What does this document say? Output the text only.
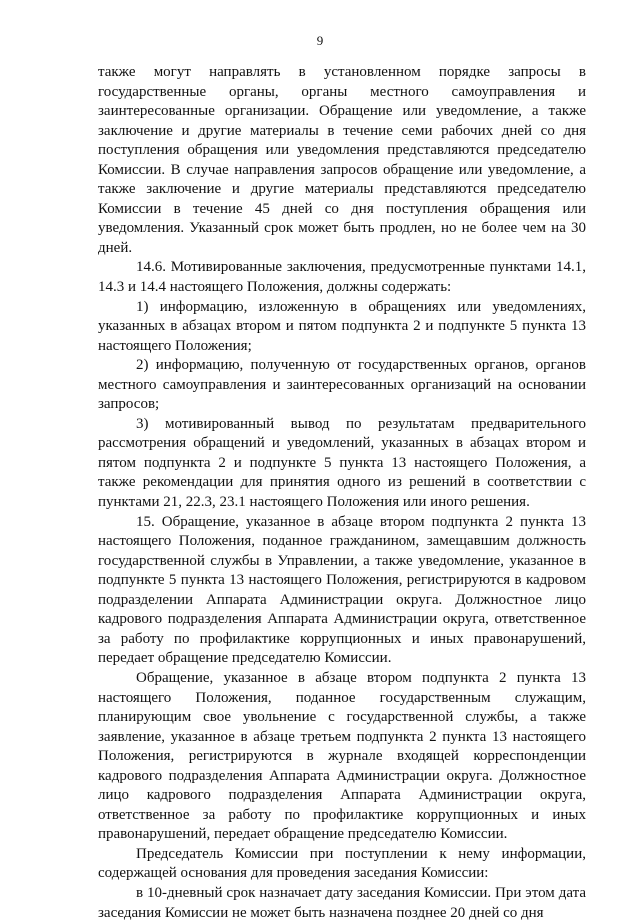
9

также могут направлять в установленном порядке запросы в государственные органы, органы местного самоуправления и заинтересованные организации. Обращение или уведомление, а также заключение и другие материалы в течение семи рабочих дней со дня поступления обращения или уведомления представляются председателю Комиссии. В случае направления запросов обращение или уведомление, а также заключение и другие материалы представляются председателю Комиссии в течение 45 дней со дня поступления обращения или уведомления. Указанный срок может быть продлен, но не более чем на 30 дней.

14.6. Мотивированные заключения, предусмотренные пунктами 14.1, 14.3 и 14.4 настоящего Положения, должны содержать:

1) информацию, изложенную в обращениях или уведомлениях, указанных в абзацах втором и пятом подпункта 2 и подпункте 5 пункта 13 настоящего Положения;

2) информацию, полученную от государственных органов, органов местного самоуправления и заинтересованных организаций на основании запросов;

3) мотивированный вывод по результатам предварительного рассмотрения обращений и уведомлений, указанных в абзацах втором и пятом подпункта 2 и подпункте 5 пункта 13 настоящего Положения, а также рекомендации для принятия одного из решений в соответствии с пунктами 21, 22.3, 23.1 настоящего Положения или иного решения.

15. Обращение, указанное в абзаце втором подпункта 2 пункта 13 настоящего Положения, поданное гражданином, замещавшим должность государственной службы в Управлении, а также уведомление, указанное в подпункте 5 пункта 13 настоящего Положения, регистрируются в кадровом подразделении Аппарата Администрации округа. Должностное лицо кадрового подразделения Аппарата Администрации округа, ответственное за работу по профилактике коррупционных и иных правонарушений, передает обращение председателю Комиссии.

Обращение, указанное в абзаце втором подпункта 2 пункта 13 настоящего Положения, поданное государственным служащим, планирующим свое увольнение с государственной службы, а также заявление, указанное в абзаце третьем подпункта 2 пункта 13 настоящего Положения, регистрируются в журнале входящей корреспонденции кадрового подразделения Аппарата Администрации округа. Должностное лицо кадрового подразделения Аппарата Администрации округа, ответственное за работу по профилактике коррупционных и иных правонарушений, передает обращение председателю Комиссии.

Председатель Комиссии при поступлении к нему информации, содержащей основания для проведения заседания Комиссии:

в 10-дневный срок назначает дату заседания Комиссии. При этом дата заседания Комиссии не может быть назначена позднее 20 дней со дня
